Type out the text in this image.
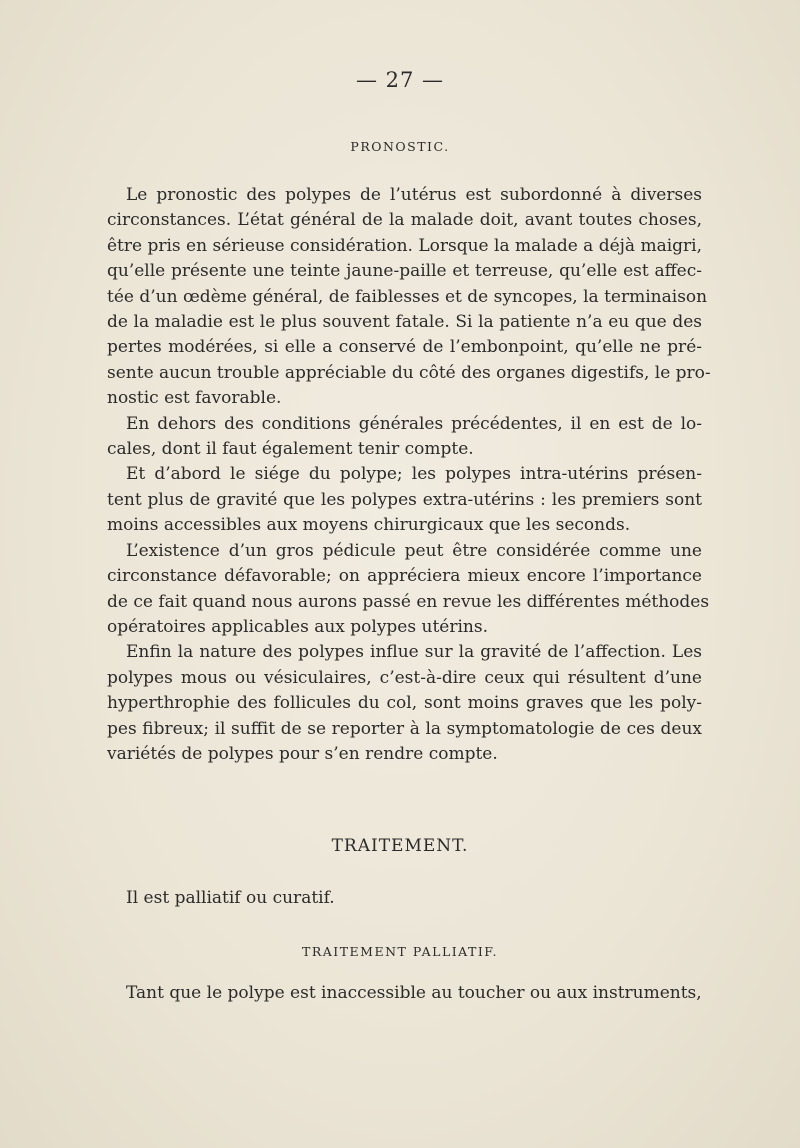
— 27 —
PRONOSTIC.
Le pronostic des polypes de l’utérus est subordonné à diverses
circonstances. L’état général de la malade doit, avant toutes choses,
être pris en sérieuse considération. Lorsque la malade a déjà maigri,
qu’elle présente une teinte jaune-paille et terreuse, qu’elle est affec-
tée d’un œdème général, de faiblesses et de syncopes, la terminaison
de la maladie est le plus souvent fatale. Si la patiente n’a eu que des
pertes modérées, si elle a conservé de l’embonpoint, qu’elle ne pré-
sente aucun trouble appréciable du côté des organes digestifs, le pro-
nostic est favorable.
En dehors des conditions générales précédentes, il en est de lo-
cales, dont il faut également tenir compte.
Et d’abord le siége du polype; les polypes intra-utérins présen-
tent plus de gravité que les polypes extra-utérins : les premiers sont
moins accessibles aux moyens chirurgicaux que les seconds.
L’existence d’un gros pédicule peut être considérée comme une
circonstance défavorable; on appréciera mieux encore l’importance
de ce fait quand nous aurons passé en revue les différentes méthodes
opératoires applicables aux polypes utérins.
Enfin la nature des polypes influe sur la gravité de l’affection. Les
polypes mous ou vésiculaires, c’est-à-dire ceux qui résultent d’une
hyperthrophie des follicules du col, sont moins graves que les poly-
pes fibreux; il suffit de se reporter à la symptomatologie de ces deux
variétés de polypes pour s’en rendre compte.
TRAITEMENT.
Il est palliatif ou curatif.
TRAITEMENT PALLIATIF.
Tant que le polype est inaccessible au toucher ou aux instruments,
